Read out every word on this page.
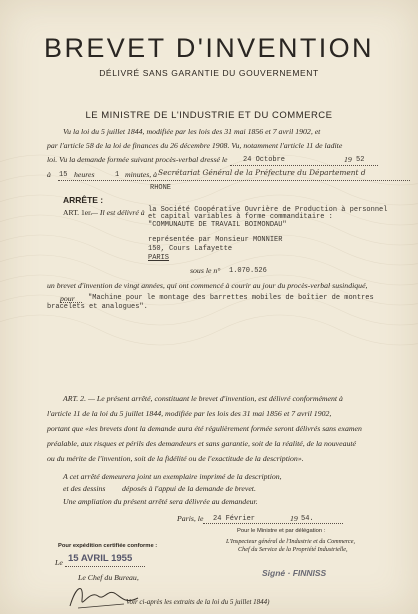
BREVET D'INVENTION
DÉLIVRÉ SANS GARANTIE DU GOUVERNEMENT
LE MINISTRE DE L'INDUSTRIE ET DU COMMERCE
Vu la loi du 5 juillet 1844, modifiée par les lois des 31 mai 1856 et 7 avril 1902, et
par l'article 58 de la loi de finances du 26 décembre 1908. Vu, notamment l'article 11 de ladite
loi. Vu la demande formée suivant procès-verbal dressé le 24 Octobre	19 52
à 15 heures	1 minutes, à Secrétariat Général de la Préfecture du Département d
RHONE
ARRÊTE :
ART. 1er.
— Il est délivré à la Société Coopérative Ouvrière de Production à personnel
et capital variables à forme commanditaire :
"COMMUNAUTE DE TRAVAIL BOIMONDAU"
représentée par Monsieur MONNIER
150, Cours Lafayette
PARIS
sous le n° 1.070.526
un brevet d'invention de vingt années, qui ont commencé à courir au jour du procès-verbal susindiqué,
pour "Machine pour le montage des barrettes mobiles de boîtier de montres
bracelets et analogues".
ART. 2. — Le présent arrêté, constituant le brevet d'invention, est délivré conformément à
l'article 11 de la loi du 5 juillet 1844, modifiée par les lois des 31 mai 1856 et 7 avril 1902,
portant que «les brevets dont la demande aura été régulièrement formée seront délivrés sans examen
préalable, aux risques et périls des demandeurs et sans garantie, soit de la réalité, de la nouveauté
ou du mérite de l'invention, soit de la fidélité ou de l'exactitude de la description».
A cet arrêté demeurera joint un exemplaire imprimé de la description,
et des dessins déposés à l'appui de la demande de brevet.
Une ampliation du présent arrêté sera délivrée au demandeur.
Paris, le 24 Février	19 54.
Pour le Ministre et par délégation :
L'Inspecteur général de l'Industrie et du Commerce,
Chef du Service de la Propriété Industrielle,
Signé · FINNISS
Pour expédition certifiée conforme :
Le 15 AVRIL 1955
Le Chef du Bureau,
Voir ci-après les extraits de la loi du 5 juillet 1844)
